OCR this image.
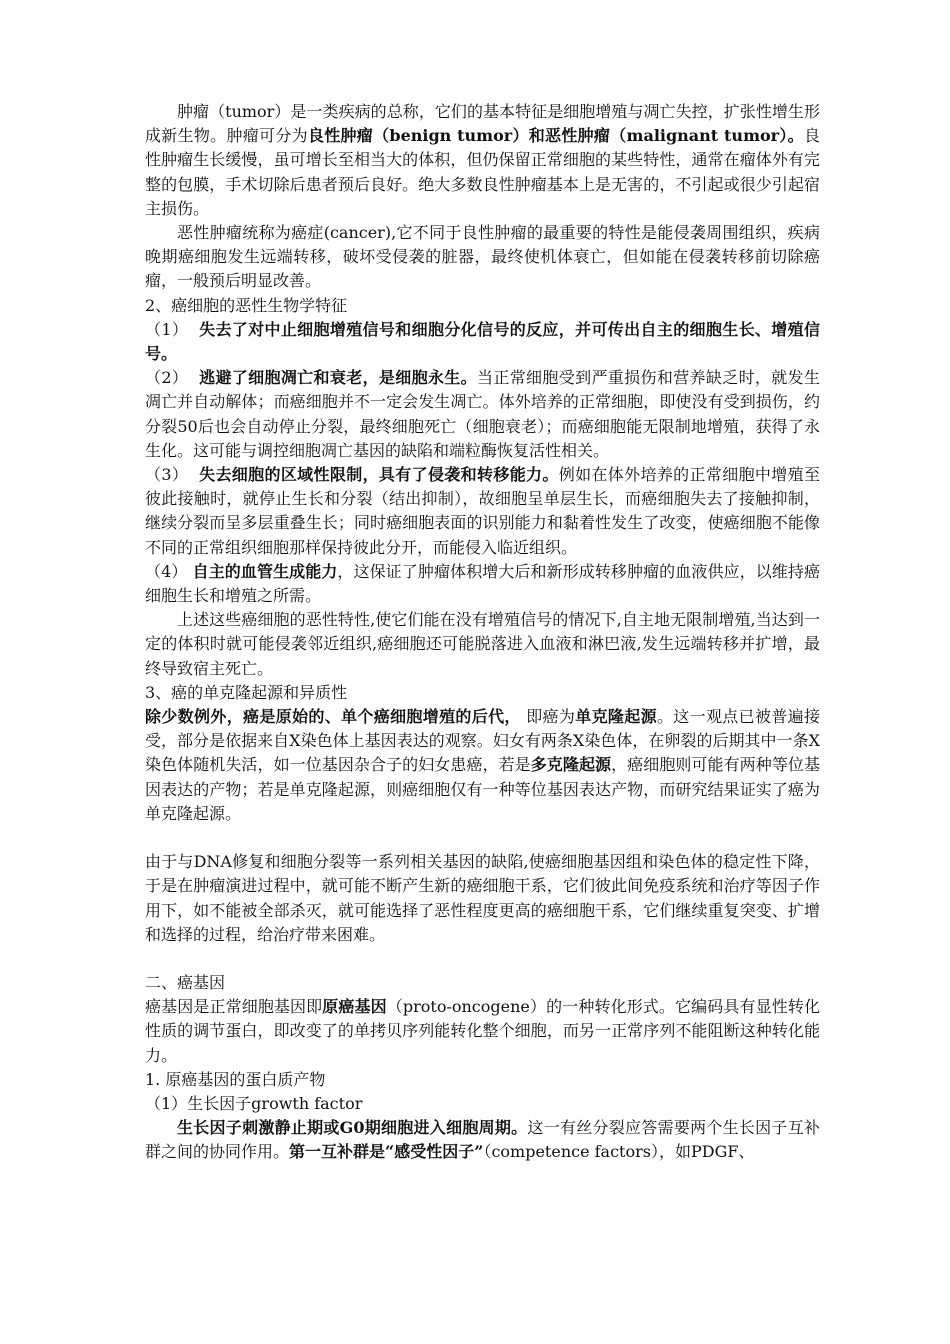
肿瘤（tumor）是一类疾病的总称，它们的基本特征是细胞增殖与凋亡失控，扩张性增生形成新生物。肿瘤可分为良性肿瘤（benign tumor）和恶性肿瘤（malignant tumor）。良性肿瘤生长缓慢，虽可增长至相当大的体积，但仍保留正常细胞的某些特性，通常在瘤体外有完整的包膜，手术切除后患者预后良好。绝大多数良性肿瘤基本上是无害的，不引起或很少引起宿主损伤。

恶性肿瘤统称为癌症(cancer),它不同于良性肿瘤的最重要的特性是能侵袭周围组织，疾病晚期癌细胞发生远端转移，破坏受侵袭的脏器，最终使机体衰亡，但如能在侵袭转移前切除癌瘤，一般预后明显改善。

2、癌细胞的恶性生物学特征

（1）  失去了对中止细胞增殖信号和细胞分化信号的反应，并可传出自主的细胞生长、增殖信号。

（2）  逃避了细胞凋亡和衰老，是细胞永生。当正常细胞受到严重损伤和营养缺乏时，就发生凋亡并自动解体；而癌细胞并不一定会发生凋亡。体外培养的正常细胞，即使没有受到损伤，约分裂50后也会自动停止分裂，最终细胞死亡（细胞衰老）；而癌细胞能无限制地增殖，获得了永生化。这可能与调控细胞凋亡基因的缺陷和端粒酶恢复活性相关。

（3）  失去细胞的区域性限制，具有了侵袭和转移能力。例如在体外培养的正常细胞中增殖至彼此接触时，就停止生长和分裂（结出抑制），故细胞呈单层生长，而癌细胞失去了接触抑制，继续分裂而呈多层重叠生长；同时癌细胞表面的识别能力和黏着性发生了改变，使癌细胞不能像不同的正常组织细胞那样保持彼此分开，而能侵入临近组织。

（4） 自主的血管生成能力，这保证了肿瘤体积增大后和新形成转移肿瘤的血液供应，以维持癌细胞生长和增殖之所需。

上述这些癌细胞的恶性特性,使它们能在没有增殖信号的情况下,自主地无限制增殖,当达到一定的体积时就可能侵袭邻近组织,癌细胞还可能脱落进入血液和淋巴液,发生远端转移并扩增，最终导致宿主死亡。

3、癌的单克隆起源和异质性

除少数例外，癌是原始的、单个癌细胞增殖的后代， 即癌为单克隆起源。这一观点已被普遍接受，部分是依据来自X染色体上基因表达的观察。妇女有两条X染色体，在卵裂的后期其中一条X染色体随机失活，如一位基因杂合子的妇女患癌，若是多克隆起源，癌细胞则可能有两种等位基因表达的产物；若是单克隆起源，则癌细胞仅有一种等位基因表达产物，而研究结果证实了癌为单克隆起源。

由于与DNA修复和细胞分裂等一系列相关基因的缺陷,使癌细胞基因组和染色体的稳定性下降，于是在肿瘤演进过程中，就可能不断产生新的癌细胞干系，它们彼此间免疫系统和治疗等因子作用下，如不能被全部杀灭，就可能选择了恶性程度更高的癌细胞干系，它们继续重复突变、扩增和选择的过程，给治疗带来困难。

二、癌基因

癌基因是正常细胞基因即原癌基因（proto-oncogene）的一种转化形式。它编码具有显性转化性质的调节蛋白，即改变了的单拷贝序列能转化整个细胞，而另一正常序列不能阻断这种转化能力。

1. 原癌基因的蛋白质产物

（1）生长因子growth factor

生长因子刺激静止期或G0期细胞进入细胞周期。这一有丝分裂应答需要两个生长因子互补群之间的协同作用。第一互补群是“感受性因子”（competence factors），如PDGF、
